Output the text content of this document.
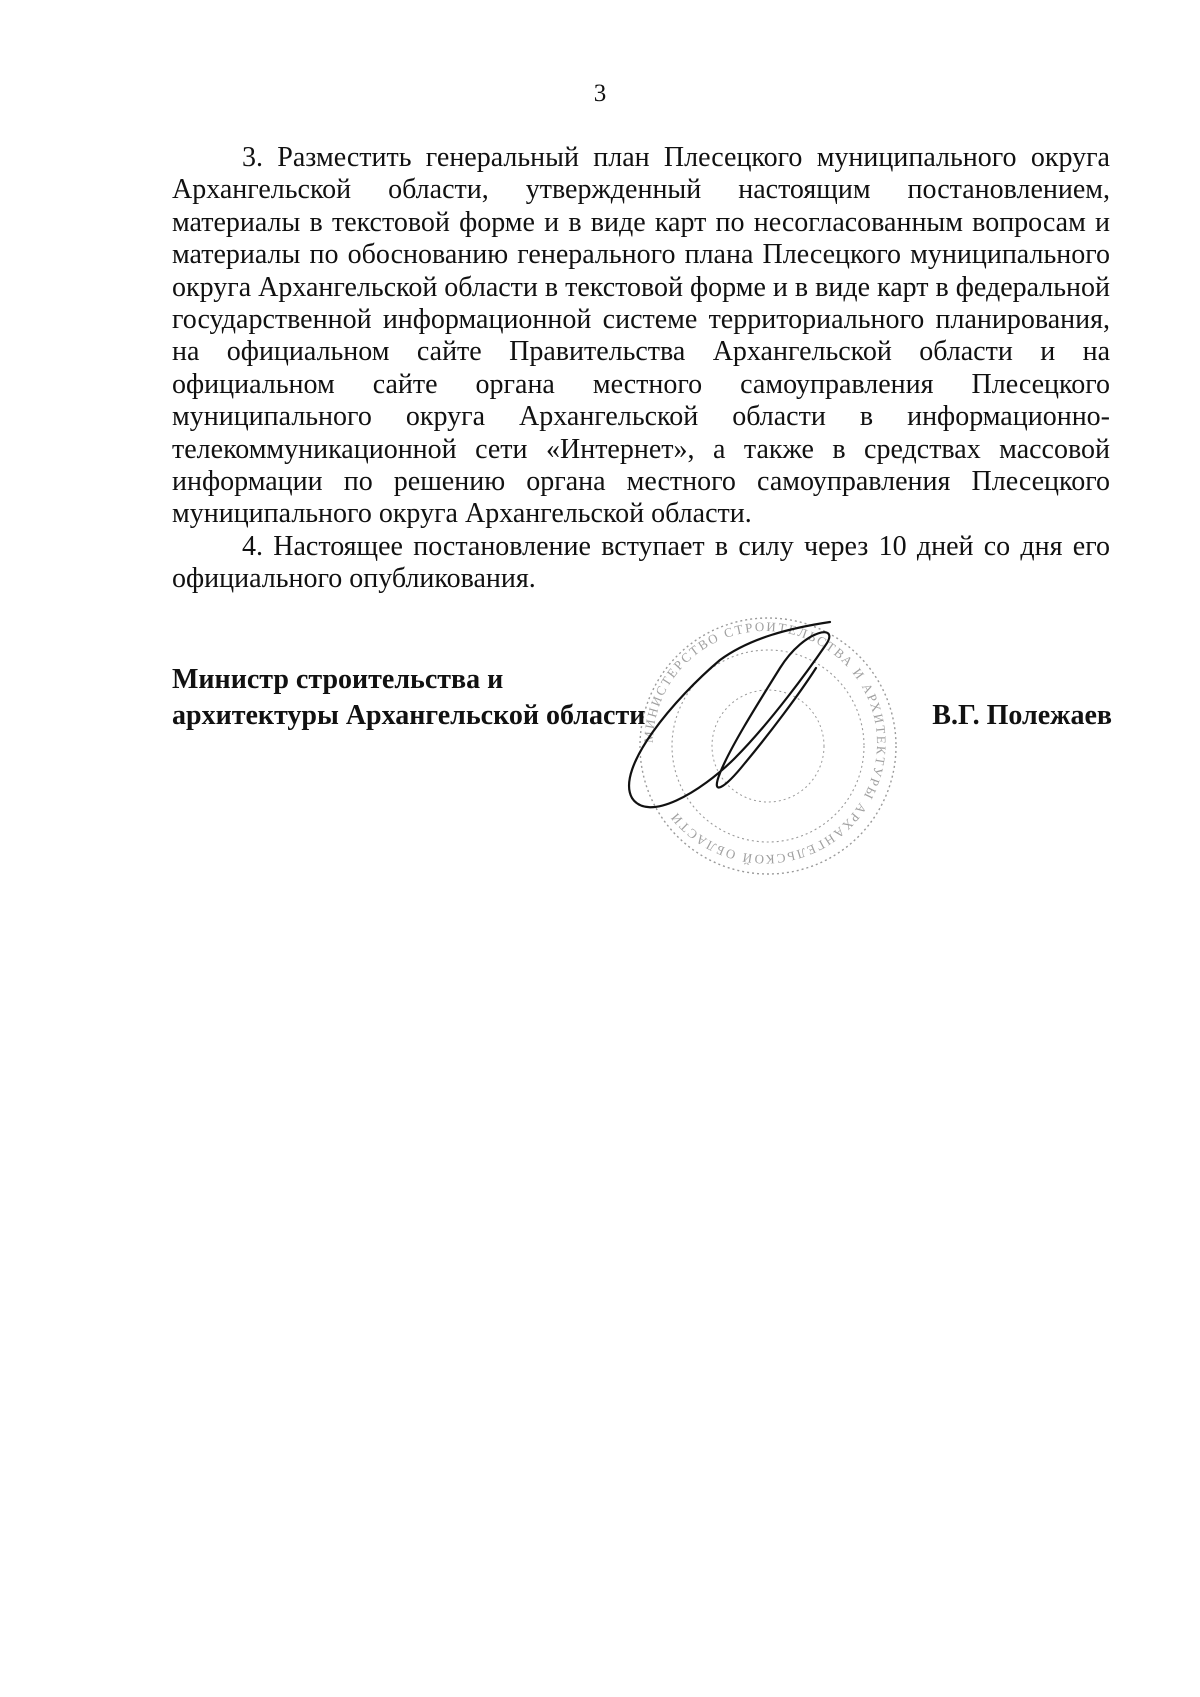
3

3. Разместить генеральный план Плесецкого муниципального округа Архангельской области, утвержденный настоящим постановлением, материалы в текстовой форме и в виде карт по несогласованным вопросам и материалы по обоснованию генерального плана Плесецкого муниципального округа Архангельской области в текстовой форме и в виде карт в федеральной государственной информационной системе территориального планирования, на официальном сайте Правительства Архангельской области и на официальном сайте органа местного самоуправления Плесецкого муниципального округа Архангельской области в информационно-телекоммуникационной сети «Интернет», а также в средствах массовой информации по решению органа местного самоуправления Плесецкого муниципального округа Архангельской области.

4. Настоящее постановление вступает в силу через 10 дней со дня его официального опубликования.

МИНИСТЕРСТВО СТРОИТЕЛЬСТВА И АРХИТЕКТУРЫ АРХАНГЕЛЬСКОЙ ОБЛАСТИ
Министр строительства и
архитектуры Архангельской области	В.Г. Полежаев
